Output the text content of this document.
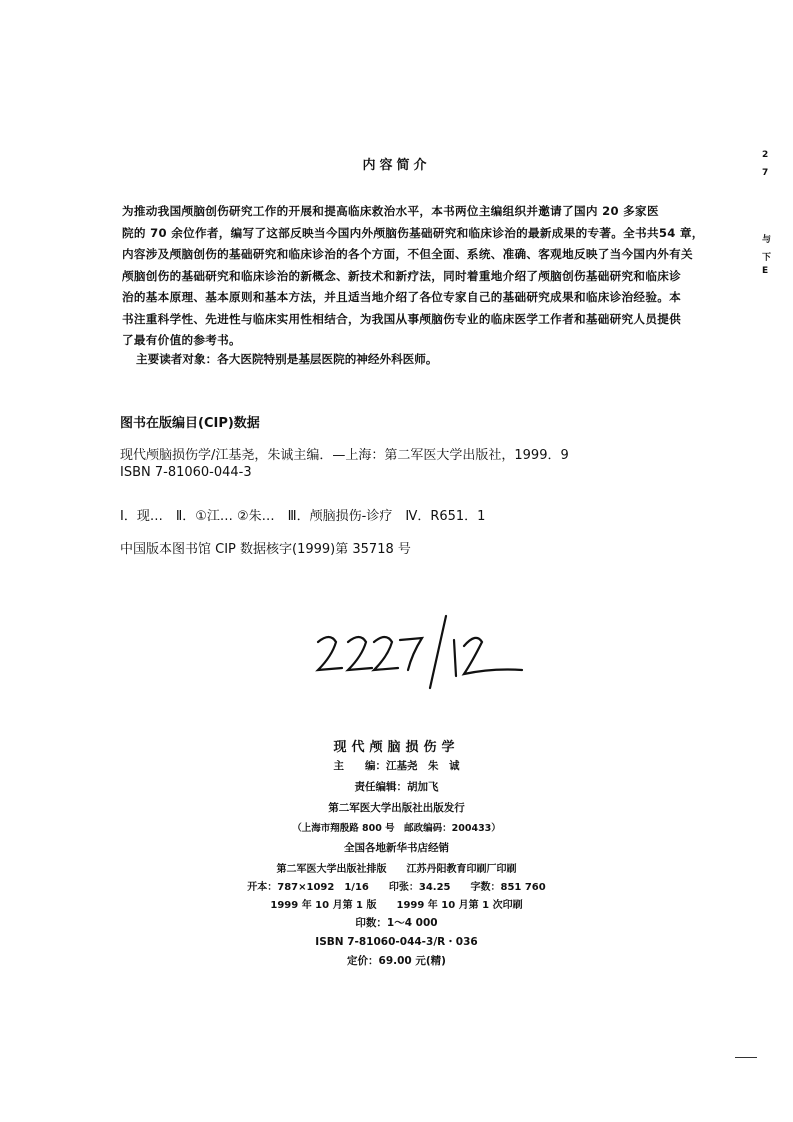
内容简介
为推动我国颅脑创伤研究工作的开展和提高临床救治水平，本书两位主编组织并邀请了国内 20 多家医
院的 70 余位作者，编写了这部反映当今国内外颅脑伤基础研究和临床诊治的最新成果的专著。全书共54 章，
内容涉及颅脑创伤的基础研究和临床诊治的各个方面，不但全面、系统、准确、客观地反映了当今国内外有关
颅脑创伤的基础研究和临床诊治的新概念、新技术和新疗法，同时着重地介绍了颅脑创伤基础研究和临床诊
治的基本原理、基本原则和基本方法，并且适当地介绍了各位专家自己的基础研究成果和临床诊治经验。本
书注重科学性、先进性与临床实用性相结合，为我国从事颅脑伤专业的临床医学工作者和基础研究人员提供
了最有价值的参考书。
主要读者对象：各大医院特别是基层医院的神经外科医师。
图书在版编目(CIP)数据
现代颅脑损伤学/江基尧，朱诚主编．—上海：第二军医大学出版社，1999．9
ISBN 7-81060-044-3
Ⅰ．现…　Ⅱ．①江… ②朱…　Ⅲ．颅脑损伤-诊疗　Ⅳ．R651．1
中国版本图书馆 CIP 数据核字(1999)第 35718 号
现代颅脑损伤学
主　　编：江基尧　朱　诚
责任编辑：胡加飞
第二军医大学出版社出版发行
（上海市翔殷路 800 号　邮政编码：200433）
全国各地新华书店经销
第二军医大学出版社排版　　江苏丹阳教育印刷厂印刷
开本：787×1092　1/16　　印张：34.25　　字数：851 760
1999 年 10 月第 1 版　　1999 年 10 月第 1 次印刷
印数：1～4 000
ISBN 7-81060-044-3/R・036
定价：69.00 元(精)
2
7
与
下
E
